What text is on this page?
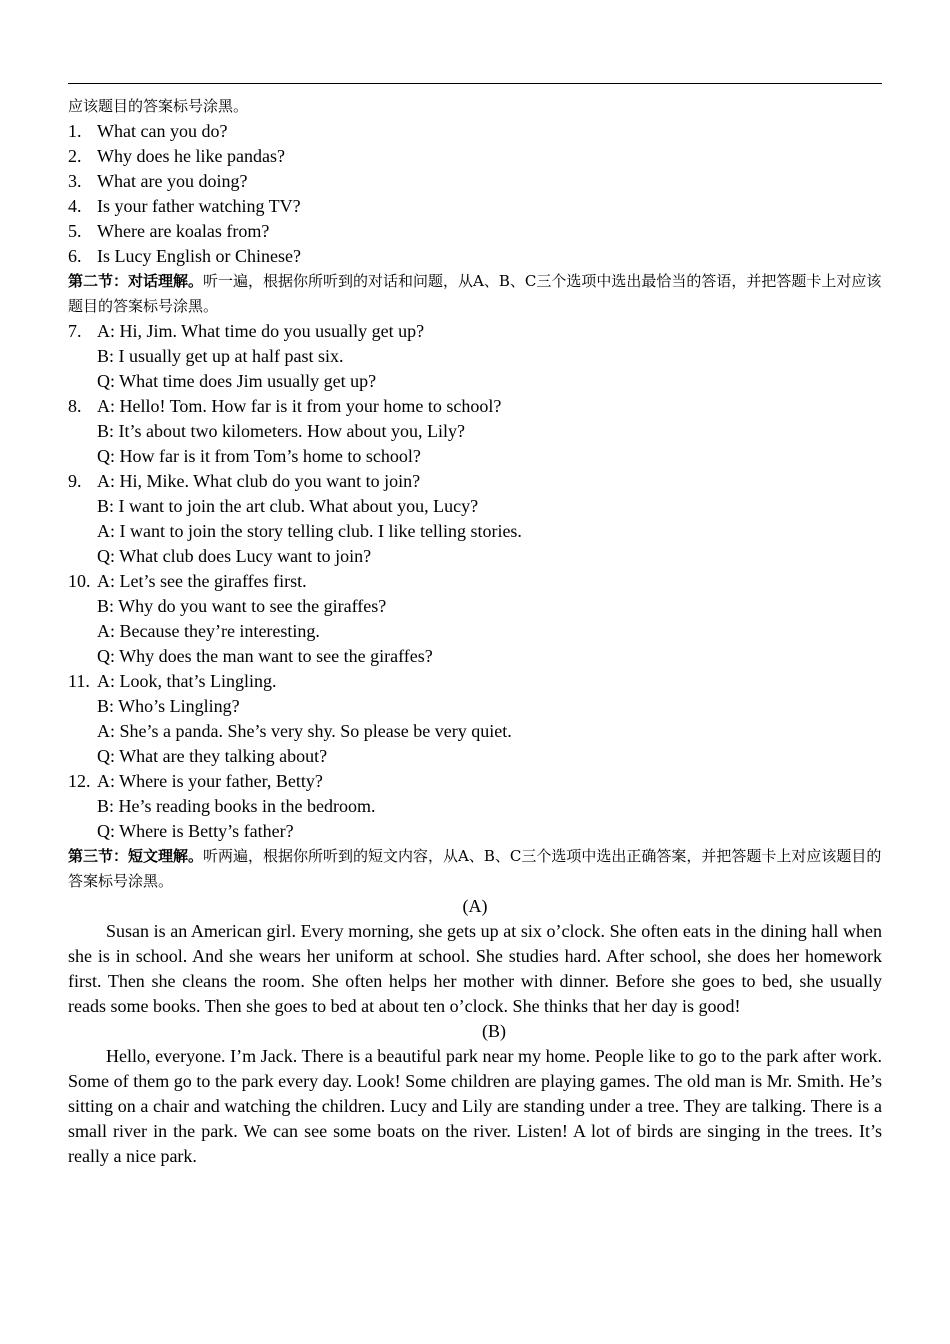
应该题目的答案标号涂黑。
1. What can you do?
2. Why does he like pandas?
3. What are you doing?
4. Is your father watching TV?
5. Where are koalas from?
6. Is Lucy English or Chinese?
第二节：对话理解。听一遍，根据你所听到的对话和问题，从A、B、C三个选项中选出最恰当的答语，并把答题卡上对应该题目的答案标号涂黑。
7. A: Hi, Jim. What time do you usually get up?
B: I usually get up at half past six.
Q: What time does Jim usually get up?
8. A: Hello! Tom. How far is it from your home to school?
B: It’s about two kilometers. How about you, Lily?
Q: How far is it from Tom’s home to school?
9. A: Hi, Mike. What club do you want to join?
B: I want to join the art club. What about you, Lucy?
A: I want to join the story telling club. I like telling stories.
Q: What club does Lucy want to join?
10. A: Let’s see the giraffes first.
B: Why do you want to see the giraffes?
A: Because they’re interesting.
Q: Why does the man want to see the giraffes?
11. A: Look, that’s Lingling.
B: Who’s Lingling?
A: She’s a panda. She’s very shy. So please be very quiet.
Q: What are they talking about?
12. A: Where is your father, Betty?
B: He’s reading books in the bedroom.
Q: Where is Betty’s father?
第三节：短文理解。听两遍，根据你所听到的短文内容，从A、B、C三个选项中选出正确答案，并把答题卡上对应该题目的答案标号涂黑。
(A)
Susan is an American girl. Every morning, she gets up at six o’clock. She often eats in the dining hall when she is in school. And she wears her uniform at school. She studies hard. After school, she does her homework first. Then she cleans the room. She often helps her mother with dinner. Before she goes to bed, she usually reads some books. Then she goes to bed at about ten o’clock. She thinks that her day is good!
(B)
Hello, everyone. I’m Jack. There is a beautiful park near my home. People like to go to the park after work. Some of them go to the park every day. Look! Some children are playing games. The old man is Mr. Smith. He’s sitting on a chair and watching the children. Lucy and Lily are standing under a tree. They are talking. There is a small river in the park. We can see some boats on the river. Listen! A lot of birds are singing in the trees. It’s really a nice park.
